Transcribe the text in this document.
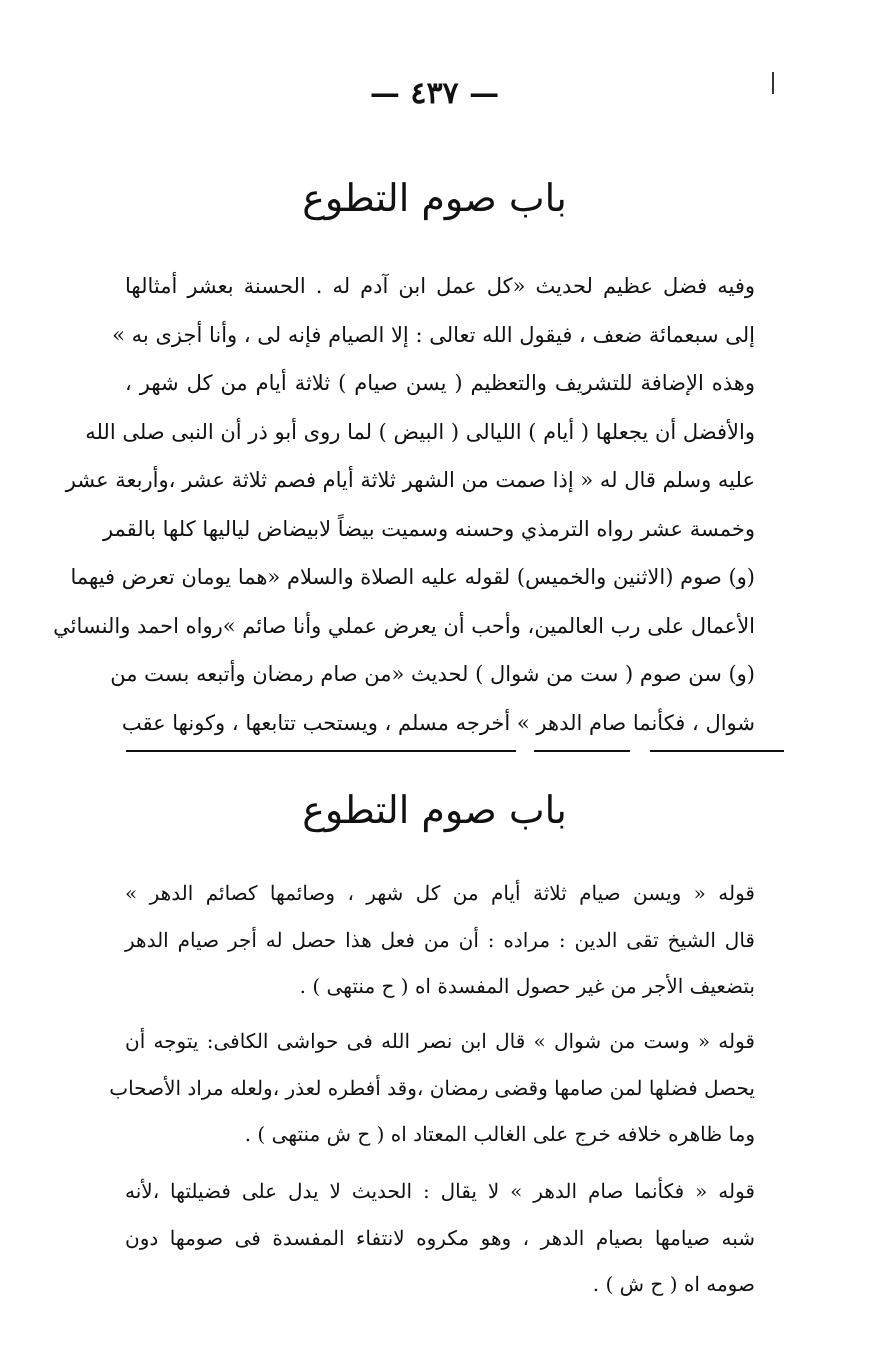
— ٤٣٧ —
باب صوم التطوع
وفيه فضل عظيم لحديث «كل عمل ابن آدم له . الحسنة بعشر أمثالها
إلى سبعمائة ضعف ، فيقول الله تعالى : إلا الصيام فإنه لى ، وأنا أجزى به »
وهذه الإضافة للتشريف والتعظيم ( يسن صيام ) ثلاثة أيام من كل شهر ،
والأفضل أن يجعلها ( أيام ) الليالى ( البيض ) لما روى أبو ذر أن النبى صلى الله
عليه وسلم قال له « إذا صمت من الشهر ثلاثة أيام فصم ثلاثة عشر ،وأربعة عشر
وخمسة عشر رواه الترمذي وحسنه وسميت بيضاً لابيضاض لياليها كلها بالقمر
(و) صوم (الاثنين والخميس) لقوله عليه الصلاة والسلام «هما يومان تعرض فيهما
الأعمال على رب العالمين، وأحب أن يعرض عملي وأنا صائم »رواه احمد والنسائي
(و) سن صوم ( ست من شوال ) لحديث «من صام رمضان وأتبعه بست من
شوال ، فكأنما صام الدهر » أخرجه مسلم ، ويستحب تتابعها ، وكونها عقب
باب صوم التطوع
قوله « ويسن صيام ثلاثة أيام من كل شهر ، وصائمها كصائم الدهر »
قال الشيخ تقى الدين : مراده : أن من فعل هذا حصل له أجر صيام الدهر
بتضعيف الأجر من غير حصول المفسدة اه ( ح منتهى ) .
قوله « وست من شوال » قال ابن نصر الله فى حواشى الكافى: يتوجه أن
يحصل فضلها لمن صامها وقضى رمضان ،وقد أفطره لعذر ،ولعله مراد الأصحاب
وما ظاهره خلافه خرج على الغالب المعتاد اه ( ح ش منتهى ) .
قوله « فكأنما صام الدهر » لا يقال : الحديث لا يدل على فضيلتها ،لأنه
شبه صيامها بصيام الدهر ، وهو مكروه لانتفاء المفسدة فى صومها دون
صومه اه ( ح ش ) .
